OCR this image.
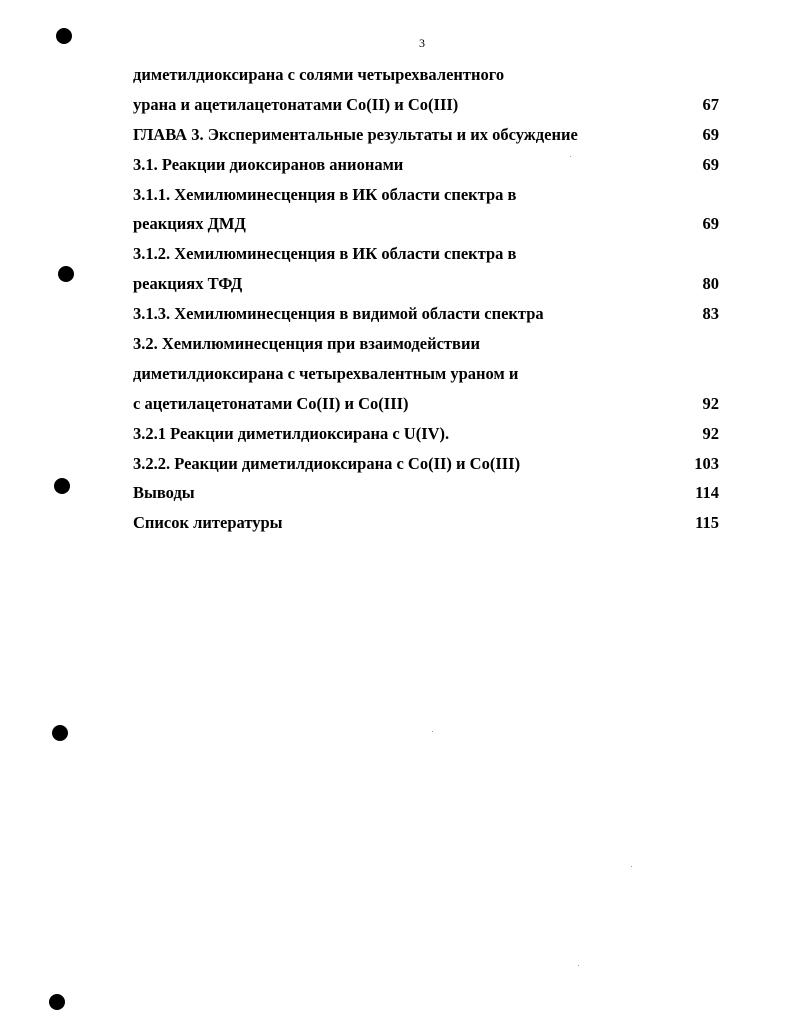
3
диметилдиоксирана с солями четырехвалентного
урана и ацетилацетонатами Co(II) и Co(III)	67
ГЛАВА 3. Экспериментальные результаты и их обсуждение	69
3.1. Реакции диоксиранов анионами	69
3.1.1. Хемилюминесценция в ИК области спектра в
реакциях ДМД	69
3.1.2. Хемилюминесценция в ИК области спектра в
реакциях ТФД	80
3.1.3. Хемилюминесценция в видимой области спектра	83
3.2. Хемилюминесценция при взаимодействии
диметилдиоксирана с четырехвалентным ураном и
с ацетилацетонатами Co(II) и Co(III)	92
3.2.1 Реакции диметилдиоксирана с U(IV).	92
3.2.2. Реакции диметилдиоксирана с Co(II) и Co(III)	103
Выводы	114
Список литературы	115
